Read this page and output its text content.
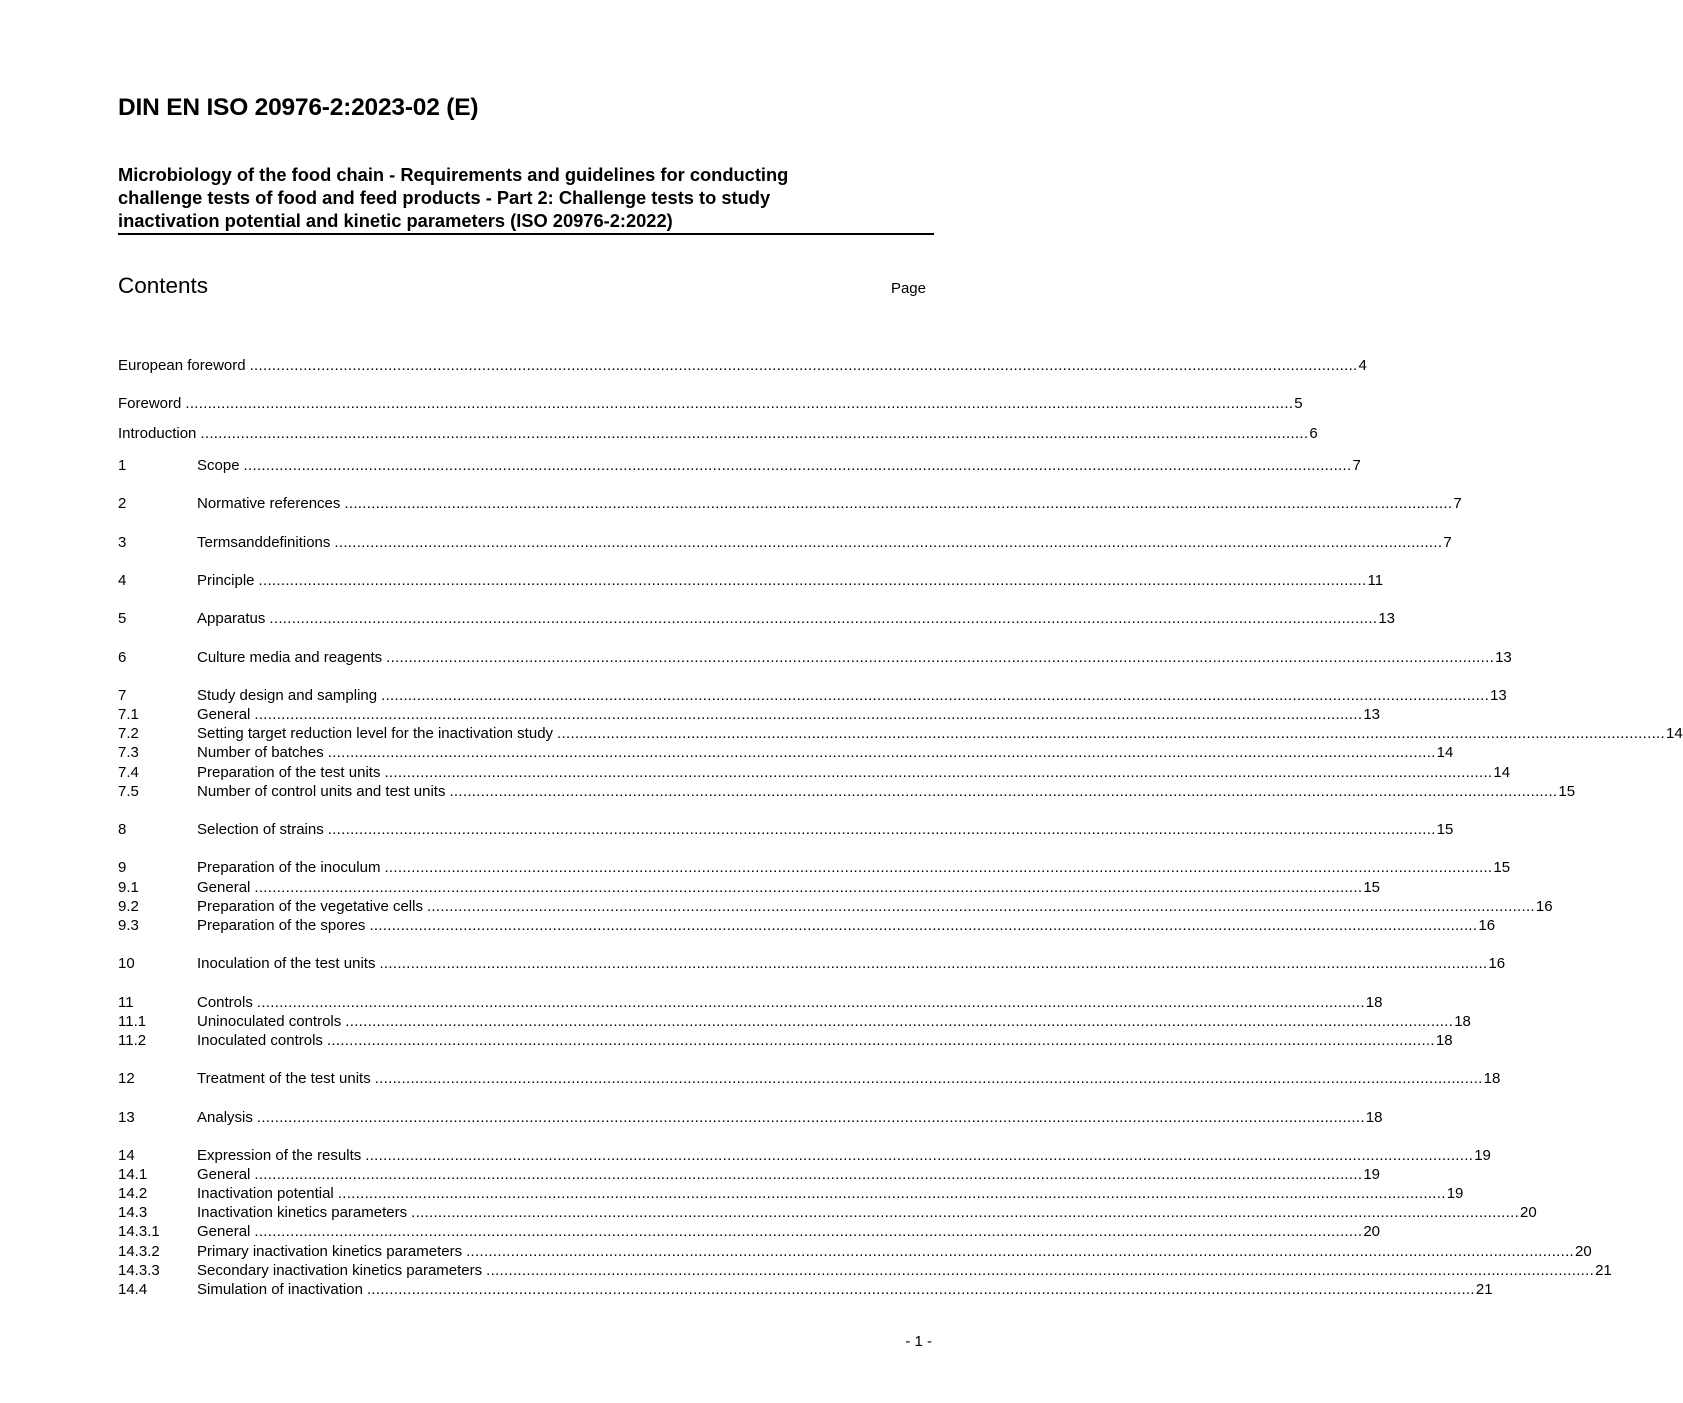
DIN EN ISO 20976-2:2023-02 (E)
Microbiology of the food chain - Requirements and guidelines for conducting
challenge tests of food and feed products - Part 2: Challenge tests to study
inactivation potential and kinetic parameters (ISO 20976-2:2022)
Contents	Page
European foreword ........................................................................................................................................................................................................................................................ 4
Foreword ........................................................................................................................................................................................................................................................ 5
Introduction ........................................................................................................................................................................................................................................................ 6
1	Scope ........................................................................................................................................................................................................................................................ 7
2	Normative references ........................................................................................................................................................................................................................................................ 7
3	Termsanddefinitions ........................................................................................................................................................................................................................................................ 7
4	Principle ........................................................................................................................................................................................................................................................ 11
5	Apparatus ........................................................................................................................................................................................................................................................ 13
6	Culture media and reagents ........................................................................................................................................................................................................................................................ 13
7	Study design and sampling ........................................................................................................................................................................................................................................................ 13
7.1	General ........................................................................................................................................................................................................................................................ 13
7.2	Setting target reduction level for the inactivation study ........................................................................................................................................................................................................................................................ 14
7.3	Number of batches ........................................................................................................................................................................................................................................................ 14
7.4	Preparation of the test units ........................................................................................................................................................................................................................................................ 14
7.5	Number of control units and test units ........................................................................................................................................................................................................................................................ 15
8	Selection of strains ........................................................................................................................................................................................................................................................ 15
9	Preparation of the inoculum ........................................................................................................................................................................................................................................................ 15
9.1	General ........................................................................................................................................................................................................................................................ 15
9.2	Preparation of the vegetative cells ........................................................................................................................................................................................................................................................ 16
9.3	Preparation of the spores ........................................................................................................................................................................................................................................................ 16
10	Inoculation of the test units ........................................................................................................................................................................................................................................................ 16
11	Controls ........................................................................................................................................................................................................................................................ 18
11.1	Uninoculated controls ........................................................................................................................................................................................................................................................ 18
11.2	Inoculated controls ........................................................................................................................................................................................................................................................ 18
12	Treatment of the test units ........................................................................................................................................................................................................................................................ 18
13	Analysis ........................................................................................................................................................................................................................................................ 18
14	Expression of the results ........................................................................................................................................................................................................................................................ 19
14.1	General ........................................................................................................................................................................................................................................................ 19
14.2	Inactivation potential ........................................................................................................................................................................................................................................................ 19
14.3	Inactivation kinetics parameters ........................................................................................................................................................................................................................................................ 20
14.3.1	General ........................................................................................................................................................................................................................................................ 20
14.3.2	Primary inactivation kinetics parameters ........................................................................................................................................................................................................................................................ 20
14.3.3	Secondary inactivation kinetics parameters ........................................................................................................................................................................................................................................................ 21
14.4	Simulation of inactivation ........................................................................................................................................................................................................................................................ 21
- 1 -
